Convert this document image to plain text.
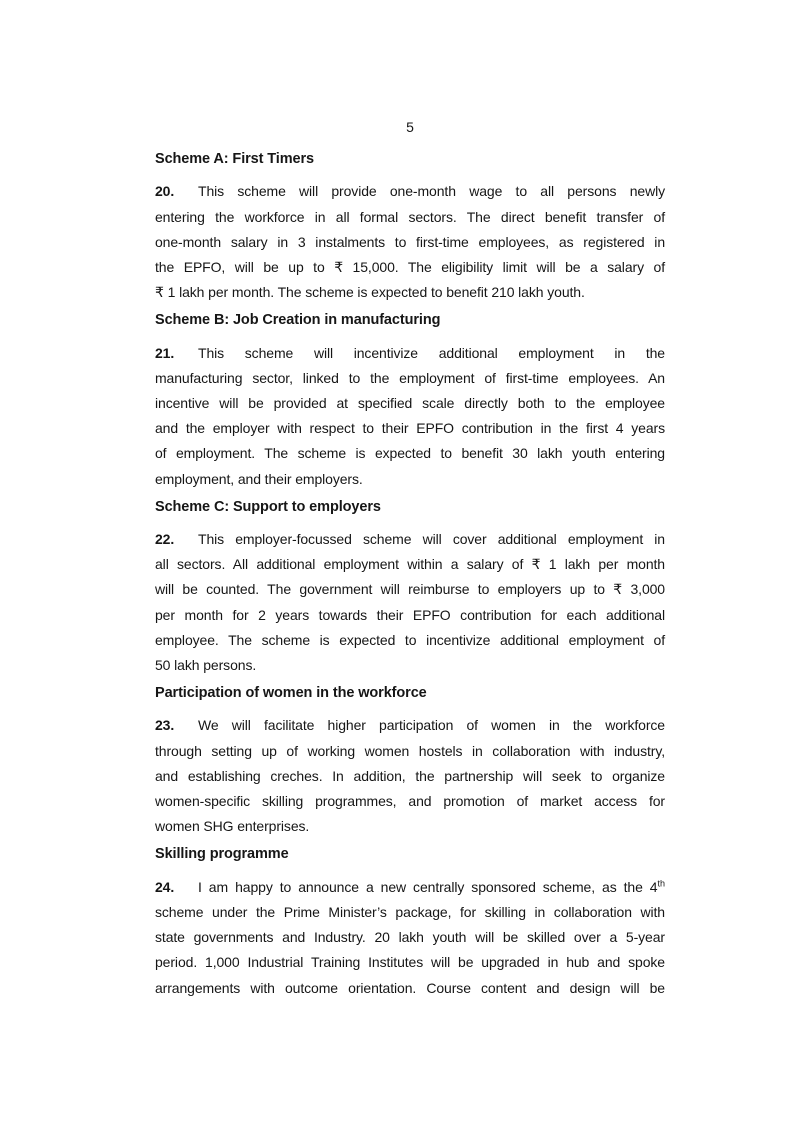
5
Scheme A: First Timers
20. This scheme will provide one-month wage to all persons newly
entering the workforce in all formal sectors. The direct benefit transfer of
one-month salary in 3 instalments to first-time employees, as registered in
the EPFO, will be up to ₹ 15,000. The eligibility limit will be a salary of
₹ 1 lakh per month. The scheme is expected to benefit 210 lakh youth.
Scheme B: Job Creation in manufacturing
21. This scheme will incentivize additional employment in the
manufacturing sector, linked to the employment of first-time employees. An
incentive will be provided at specified scale directly both to the employee
and the employer with respect to their EPFO contribution in the first 4 years
of employment. The scheme is expected to benefit 30 lakh youth entering
employment, and their employers.
Scheme C: Support to employers
22. This employer-focussed scheme will cover additional employment in
all sectors. All additional employment within a salary of ₹ 1 lakh per month
will be counted. The government will reimburse to employers up to ₹ 3,000
per month for 2 years towards their EPFO contribution for each additional
employee. The scheme is expected to incentivize additional employment of
50 lakh persons.
Participation of women in the workforce
23. We will facilitate higher participation of women in the workforce
through setting up of working women hostels in collaboration with industry,
and establishing creches. In addition, the partnership will seek to organize
women-specific skilling programmes, and promotion of market access for
women SHG enterprises.
Skilling programme
24. I am happy to announce a new centrally sponsored scheme, as the 4th
scheme under the Prime Minister’s package, for skilling in collaboration with
state governments and Industry. 20 lakh youth will be skilled over a 5-year
period. 1,000 Industrial Training Institutes will be upgraded in hub and spoke
arrangements with outcome orientation. Course content and design will be
